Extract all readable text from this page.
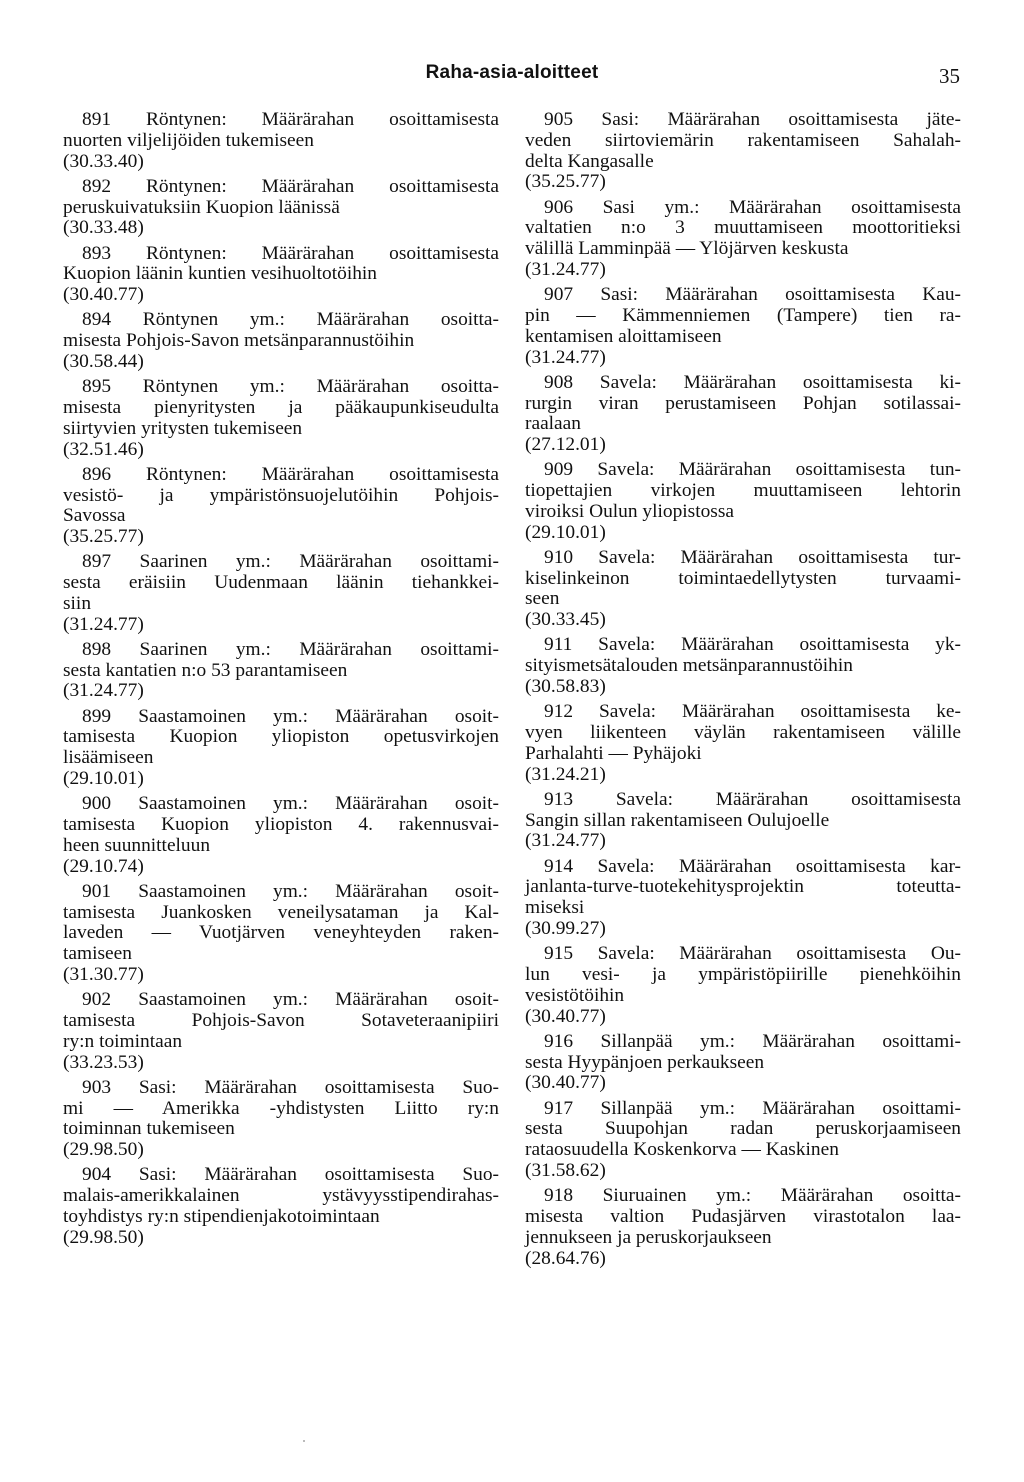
Raha-asia-aloitteet	35
891 Röntynen: Määrärahan osoittamisesta
nuorten viljelijöiden tukemiseen
(30.33.40)
892 Röntynen: Määrärahan osoittamisesta
peruskuivatuksiin Kuopion läänissä
(30.33.48)
893 Röntynen: Määrärahan osoittamisesta
Kuopion läänin kuntien vesihuoltotöihin
(30.40.77)
894 Röntynen ym.: Määrärahan osoitta-
misesta Pohjois-Savon metsänparannustöihin
(30.58.44)
895 Röntynen ym.: Määrärahan osoitta-
misesta pienyritysten ja pääkaupunkiseudulta
siirtyvien yritysten tukemiseen
(32.51.46)
896 Röntynen: Määrärahan osoittamisesta
vesistö- ja ympäristönsuojelutöihin Pohjois-
Savossa
(35.25.77)
897 Saarinen ym.: Määrärahan osoittami-
sesta eräisiin Uudenmaan läänin tiehankkei-
siin
(31.24.77)
898 Saarinen ym.: Määrärahan osoittami-
sesta kantatien n:o 53 parantamiseen
(31.24.77)
899 Saastamoinen ym.: Määrärahan osoit-
tamisesta Kuopion yliopiston opetusvirkojen
lisäämiseen
(29.10.01)
900 Saastamoinen ym.: Määrärahan osoit-
tamisesta Kuopion yliopiston 4. rakennusvai-
heen suunnitteluun
(29.10.74)
901 Saastamoinen ym.: Määrärahan osoit-
tamisesta Juankosken veneilysataman ja Kal-
laveden — Vuotjärven veneyhteyden raken-
tamiseen
(31.30.77)
902 Saastamoinen ym.: Määrärahan osoit-
tamisesta Pohjois-Savon Sotaveteraanipiiri
ry:n toimintaan
(33.23.53)
903 Sasi: Määrärahan osoittamisesta Suo-
mi — Amerikka -yhdistysten Liitto ry:n
toiminnan tukemiseen
(29.98.50)
904 Sasi: Määrärahan osoittamisesta Suo-
malais-amerikkalainen ystävyysstipendirahas-
toyhdistys ry:n stipendienjakotoimintaan
(29.98.50)
905 Sasi: Määrärahan osoittamisesta jäte-
veden siirtoviemärin rakentamiseen Sahalah-
delta Kangasalle
(35.25.77)
906 Sasi ym.: Määrärahan osoittamisesta
valtatien n:o 3 muuttamiseen moottoritieksi
välillä Lamminpää — Ylöjärven keskusta
(31.24.77)
907 Sasi: Määrärahan osoittamisesta Kau-
pin — Kämmenniemen (Tampere) tien ra-
kentamisen aloittamiseen
(31.24.77)
908 Savela: Määrärahan osoittamisesta ki-
rurgin viran perustamiseen Pohjan sotilassai-
raalaan
(27.12.01)
909 Savela: Määrärahan osoittamisesta tun-
tiopettajien virkojen muuttamiseen lehtorin
viroiksi Oulun yliopistossa
(29.10.01)
910 Savela: Määrärahan osoittamisesta tur-
kiselinkeinon toimintaedellytysten turvaami-
seen
(30.33.45)
911 Savela: Määrärahan osoittamisesta yk-
sityismetsätalouden metsänparannustöihin
(30.58.83)
912 Savela: Määrärahan osoittamisesta ke-
vyen liikenteen väylän rakentamiseen välille
Parhalahti — Pyhäjoki
(31.24.21)
913 Savela: Määrärahan osoittamisesta
Sangin sillan rakentamiseen Oulujoelle
(31.24.77)
914 Savela: Määrärahan osoittamisesta kar-
janlanta-turve-tuotekehitysprojektin toteutta-
miseksi
(30.99.27)
915 Savela: Määrärahan osoittamisesta Ou-
lun vesi- ja ympäristöpiirille pienehköihin
vesistötöihin
(30.40.77)
916 Sillanpää ym.: Määrärahan osoittami-
sesta Hyypänjoen perkaukseen
(30.40.77)
917 Sillanpää ym.: Määrärahan osoittami-
sesta Suupohjan radan peruskorjaamiseen
rataosuudella Koskenkorva — Kaskinen
(31.58.62)
918 Siuruainen ym.: Määrärahan osoitta-
misesta valtion Pudasjärven virastotalon laa-
jennukseen ja peruskorjaukseen
(28.64.76)
